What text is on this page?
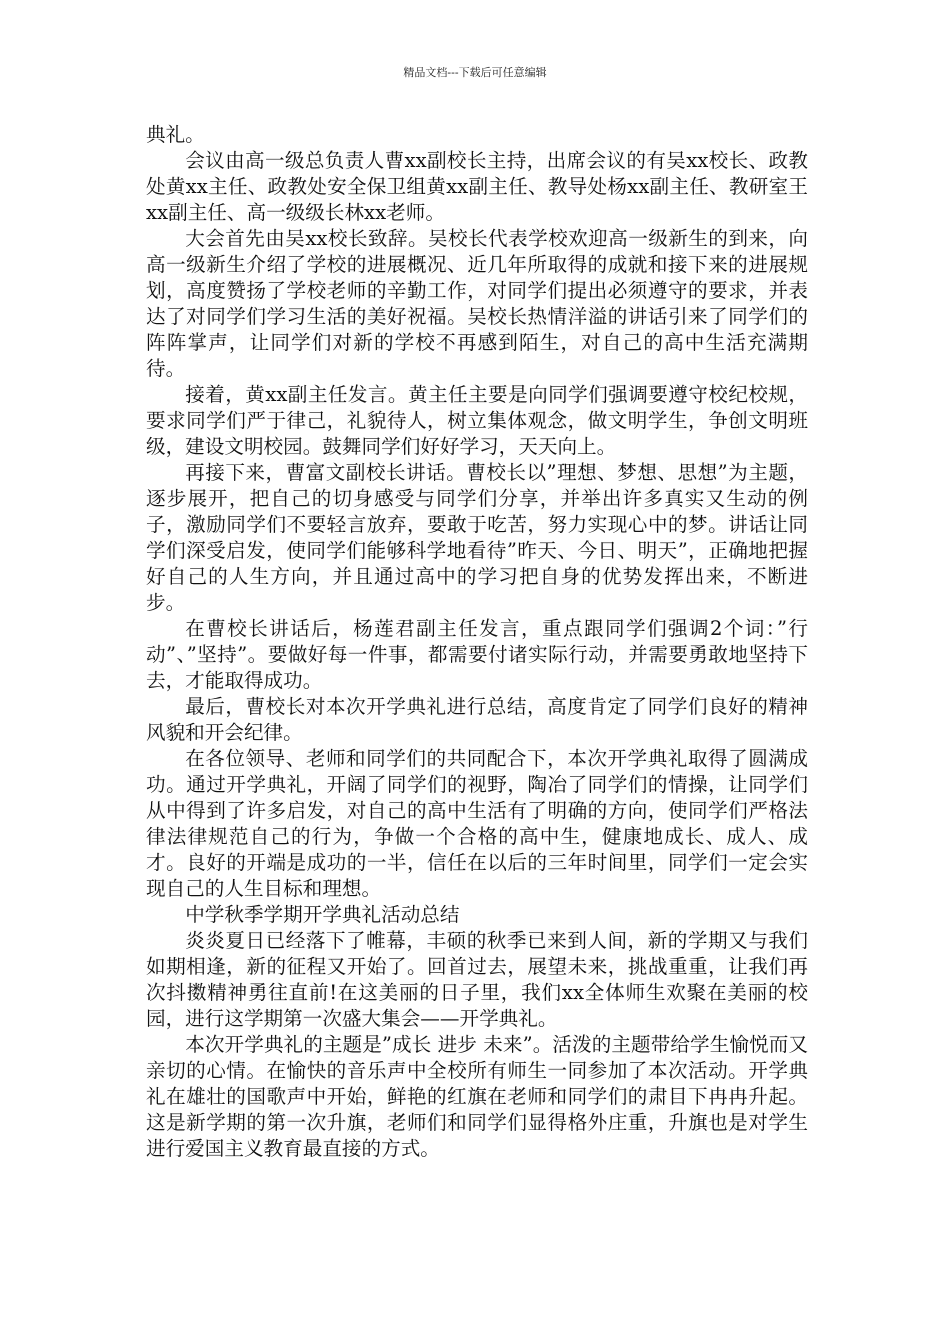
精品文档---下载后可任意编辑

典礼。

会议由高一级总负责人曹xx副校长主持，出席会议的有吴xx校长、政教处黄xx主任、政教处安全保卫组黄xx副主任、教导处杨xx副主任、教研室王xx副主任、高一级级长林xx老师。

大会首先由吴xx校长致辞。吴校长代表学校欢迎高一级新生的到来，向高一级新生介绍了学校的进展概况、近几年所取得的成就和接下来的进展规划，高度赞扬了学校老师的辛勤工作，对同学们提出必须遵守的要求，并表达了对同学们学习生活的美好祝福。吴校长热情洋溢的讲话引来了同学们的阵阵掌声，让同学们对新的学校不再感到陌生，对自己的高中生活充满期待。

接着，黄xx副主任发言。黄主任主要是向同学们强调要遵守校纪校规，要求同学们严于律己，礼貌待人，树立集体观念，做文明学生，争创文明班级，建设文明校园。鼓舞同学们好好学习，天天向上。

再接下来，曹富文副校长讲话。曹校长以”理想、梦想、思想”为主题，逐步展开，把自己的切身感受与同学们分享，并举出许多真实又生动的例子，激励同学们不要轻言放弃，要敢于吃苦，努力实现心中的梦。讲话让同学们深受启发，使同学们能够科学地看待”昨天、今日、明天”，正确地把握好自己的人生方向，并且通过高中的学习把自身的优势发挥出来，不断进步。

在曹校长讲话后，杨莲君副主任发言，重点跟同学们强调2个词：”行动”、”坚持”。要做好每一件事，都需要付诸实际行动，并需要勇敢地坚持下去，才能取得成功。

最后，曹校长对本次开学典礼进行总结，高度肯定了同学们良好的精神风貌和开会纪律。

在各位领导、老师和同学们的共同配合下，本次开学典礼取得了圆满成功。通过开学典礼，开阔了同学们的视野，陶冶了同学们的情操，让同学们从中得到了许多启发，对自己的高中生活有了明确的方向，使同学们严格法律法律规范自己的行为，争做一个合格的高中生，健康地成长、成人、成才。良好的开端是成功的一半，信任在以后的三年时间里，同学们一定会实现自己的人生目标和理想。

中学秋季学期开学典礼活动总结

炎炎夏日已经落下了帷幕，丰硕的秋季已来到人间，新的学期又与我们如期相逢，新的征程又开始了。回首过去，展望未来，挑战重重，让我们再次抖擞精神勇往直前!在这美丽的日子里，我们xx全体师生欢聚在美丽的校园，进行这学期第一次盛大集会——开学典礼。

本次开学典礼的主题是”成长 进步 未来”。活泼的主题带给学生愉悦而又亲切的心情。在愉快的音乐声中全校所有师生一同参加了本次活动。开学典礼在雄壮的国歌声中开始，鲜艳的红旗在老师和同学们的肃目下冉冉升起。这是新学期的第一次升旗，老师们和同学们显得格外庄重，升旗也是对学生进行爱国主义教育最直接的方式。
